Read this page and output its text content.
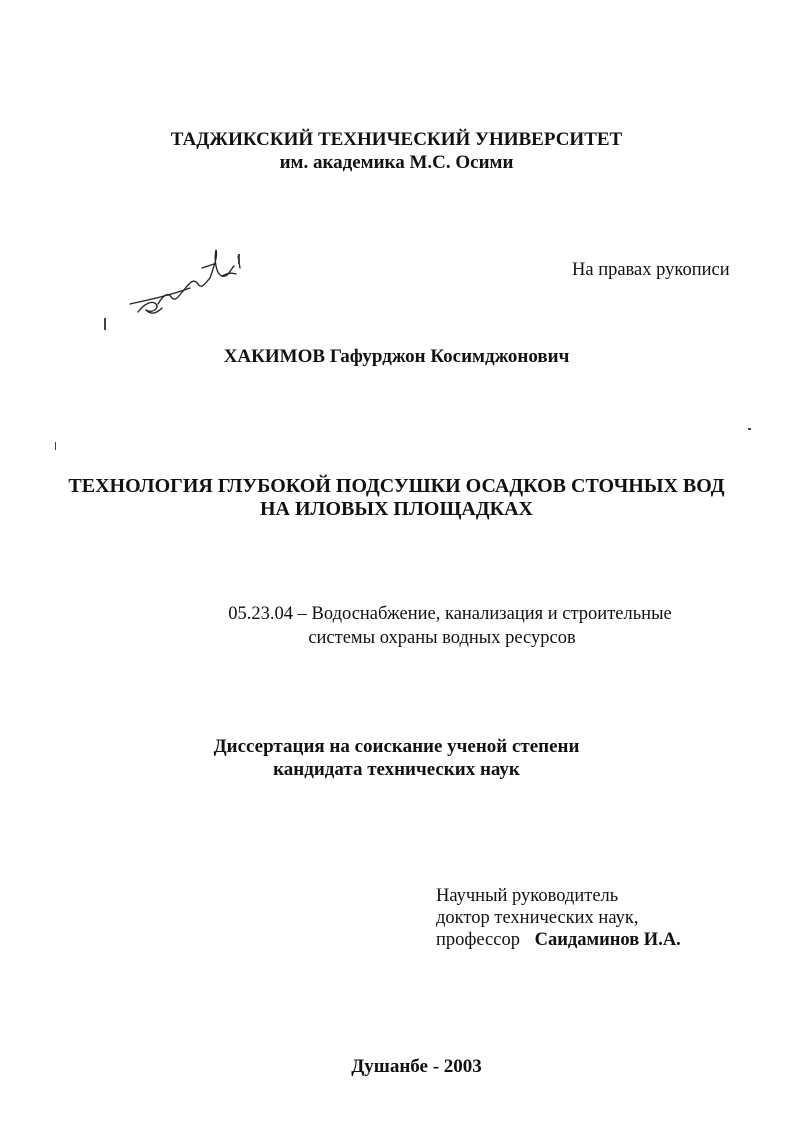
ТАДЖИКСКИЙ ТЕХНИЧЕСКИЙ УНИВЕРСИТЕТ
им. академика М.С. Осими
На правах рукописи
ХАКИМОВ Гафурджон Косимджонович
ТЕХНОЛОГИЯ ГЛУБОКОЙ ПОДСУШКИ ОСАДКОВ СТОЧНЫХ ВОД
НА ИЛОВЫХ ПЛОЩАДКАХ
05.23.04 – Водоснабжение, канализация и строительные
системы охраны водных ресурсов
Диссертация на соискание ученой степени
кандидата технических наук
Научный руководитель
доктор технических наук,
профессор Саидаминов И.А.
Душанбе - 2003
